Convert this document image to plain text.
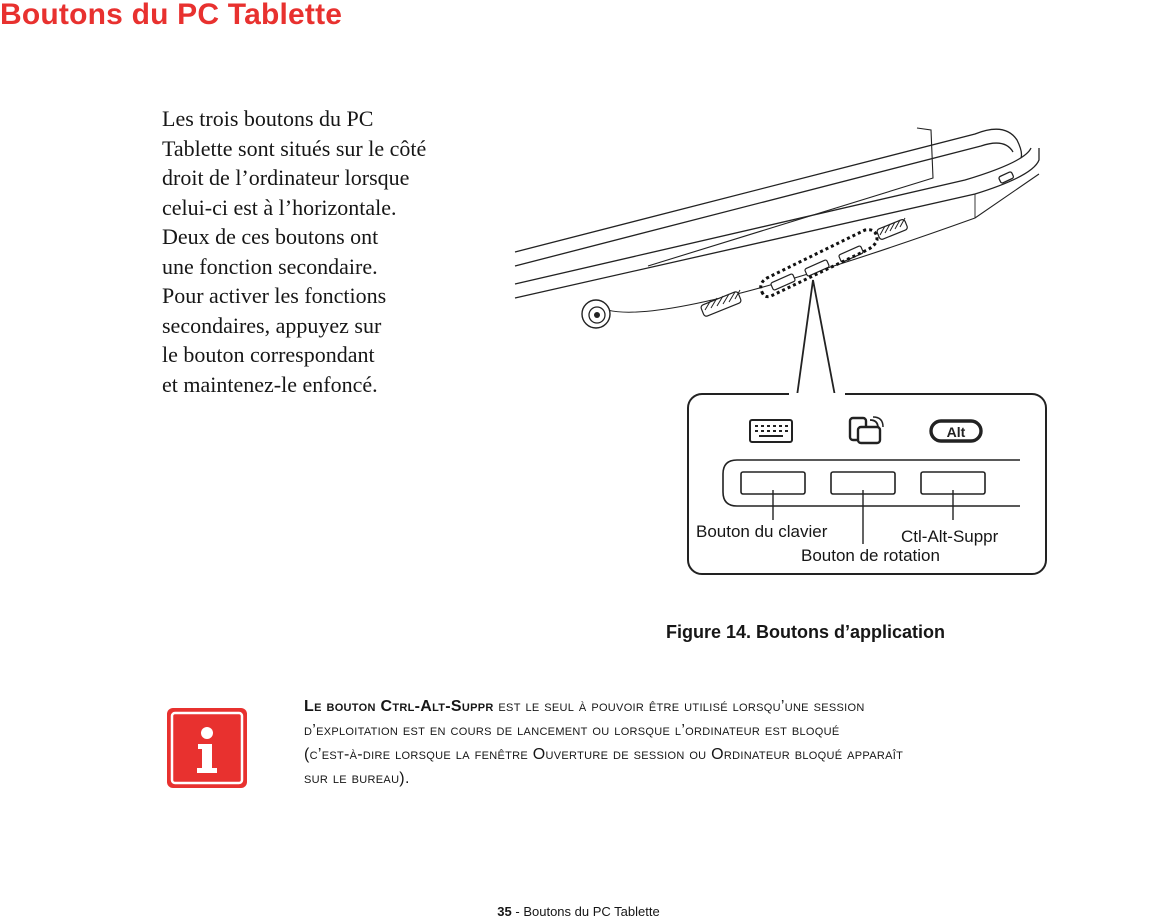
Boutons du PC Tablette
Les trois boutons du PC
Tablette sont situés sur le côté
droit de l’ordinateur lorsque
celui-ci est à l’horizontale.
Deux de ces boutons ont
une fonction secondaire.
Pour activer les fonctions
secondaires, appuyez sur
le bouton correspondant
et maintenez-le enfoncé.
Alt
Bouton du clavier
Bouton de rotation
Ctl-Alt-Suppr
Figure 14. Boutons d’application
Le bouton Ctrl-Alt-Suppr est le seul à pouvoir être utilisé lorsqu’une session
d’exploitation est en cours de lancement ou lorsque l’ordinateur est bloqué
(c’est-à-dire lorsque la fenêtre Ouverture de session ou Ordinateur bloqué apparaît
sur le bureau).
35 - Boutons du PC Tablette
